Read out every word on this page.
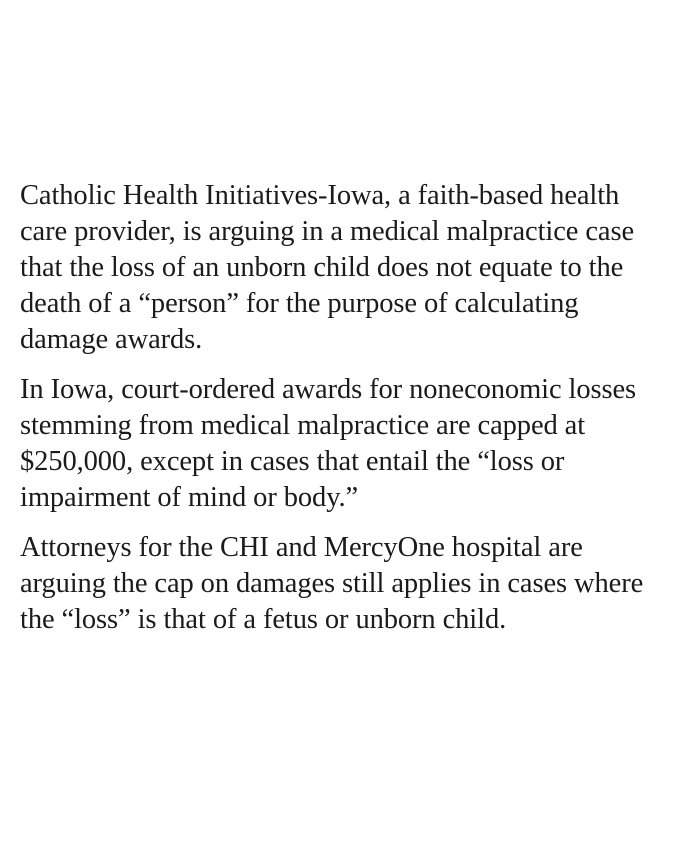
Catholic Health Initiatives-Iowa, a faith-based health care provider, is arguing in a medical malpractice case that the loss of an unborn child does not equate to the death of a “person” for the purpose of calculating damage awards.

In Iowa, court-ordered awards for noneconomic losses stemming from medical malpractice are capped at $250,000, except in cases that entail the “loss or impairment of mind or body.”

Attorneys for the CHI and MercyOne hospital are arguing the cap on damages still applies in cases where the “loss” is that of a fetus or unborn child.
